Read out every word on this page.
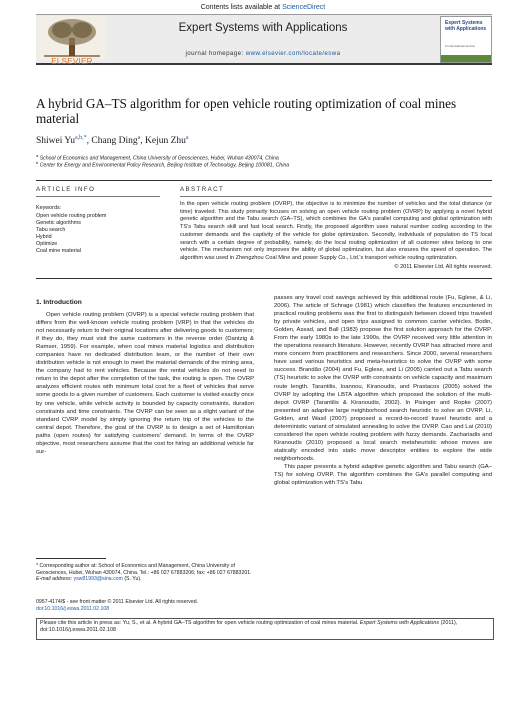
Contents lists available at ScienceDirect
ELSEVIER
Expert Systems with Applications
journal homepage: www.elsevier.com/locate/eswa
Expert Systems with Applications
An International Journal
A hybrid GA–TS algorithm for open vehicle routing optimization of coal mines material
Shiwei $Yu^{a,b,*}$, Chang Ding$^a$, Kejun Zhu$^a$
$^a$ School of Economics and Management, China University of Geosciences, Hubei, Wuhan 430074, China
$^b$ Center for Energy and Environmental Policy Research, Beijing Institute of Technology, Beijing 100081, China
ARTICLE INFO	ABSTRACT
Keywords:
Open vehicle routing problem
Genetic algorithms
Tabu search
Hybrid
Optimize
Coal mine material
In the open vehicle routing problem (OVRP), the objective is to minimize the number of vehicles and the total distance (or time) traveled. This study primarily focuses on solving an open vehicle routing problem (OVRP) by applying a novel hybrid genetic algorithm and the Tabu search (GA–TS), which combines the GA's parallel computing and global optimization with TS's Tabu search skill and fast local search. Firstly, the proposed algorithm uses natural number coding according to the customer demands and the captivity of the vehicle for globe optimization. Secondly, individuals of population do TS local search with a certain degree of probability, namely, do the local routing optimization of all customer sites belong to one vehicle. The mechanism not only improves the ability of global optimization, but also ensures the speed of operation. The algorithm was used in Zhengzhou Coal Mine and power Supply Co., Ltd.'s transport vehicle routing optimization.
© 2011 Elsevier Ltd. All rights reserved.
1. Introduction

Open vehicle routing problem (OVRP) is a special vehicle routing problem that differs from the well-known vehicle routing problem (VRP) in that the vehicles do not necessarily return to their original locations after delivering goods to customers; if they do, they must visit the same customers in the reverse order (Dantzig & Ramser, 1959). For example, when coal mines material logistics and distribution companies have no dedicated distribution team, or the number of their own distribution vehicle is not enough to meet the material demands of the mining area, the company had to rent vehicles. Because the rental vehicles do not need to return to the depot after the completion of the task, the routing is open. The OVRP analyzes efficient routes with minimum total cost for a fleet of vehicles that serve some goods to a given number of customers. Each customer is visited exactly once by one vehicle, while vehicle activity is bounded by capacity constraints, duration constraints and time constraints. The OVRP can be seen as a slight variant of the standard CVRP model by simply ignoring the return trip of the vehicles to the central depot. Therefore, the goal of the OVRP is to design a set of Hamiltonian paths (open routes) for satisfying customers' demand. In terms of the OVRP objective, most researchers assume that the cost for hiring an additional vehicle far sur-

passes any travel cost savings achieved by this additional route (Fu, Eglese, & Li, 2006). The article of Schrage (1981) which classifies the features encountered in practical routing problems was the first to distinguish between closed trips traveled by private vehicles, and open trips assigned to common carrier vehicles. Bodin, Golden, Assad, and Ball (1983) propose the first solution approach for the OVRP. From the early 1980s to the late 1990s, the OVRP received very little attention in the operations research literature. However, recently OVRP has attracted more and more concern from practitioners and researchers. Since 2000, several researchers have used various heuristics and meta-heuristics to solve the OVRP with some success. Brandão (2004) and Fu, Eglese, and Li (2005) carried out a Tabu search (TS) heuristic to solve the OVRP with constraints on vehicle capacity and maximum route length. Tarantilis, Ioannou, Kiranoudis, and Prastacos (2005) solved the OVRP by adopting the LBTA algorithm which proposed the solution of the multi-depot OVRP (Tarantilis & Kiranoudis, 2002). In Pisinger and Ropke (2007) presented an adaptive large neighborhood search heuristic to solve an OVRP. Li, Golden, and Wasil (2007) proposed a record-to-record travel heuristic and a deterministic variant of simulated annealing to solve the OVRP. Cao and Lai (2010) considered the open vehicle routing problem with fuzzy demands. Zachariadis and Kiranoudis (2010) proposed a local search metaheuristic whose moves are statically encoded into static move descriptor entities to explore the wide neighborhoods.

This paper presents a hybrid adaptive genetic algorithm and Tabu search (GA–TS) for solving OVRP. The algorithm combines the GA's parallel computing and global optimization with TS's Tabu

* Corresponding author at: School of Economics and Management, China University of Geosciences, Hubei, Wuhan 430074, China. Tel.: +86 027 67883206; fax: +86 027 67883201.
E-mail address: ysw81993@sina.com (S. Yu).
0957-4174/$ - see front matter © 2011 Elsevier Ltd. All rights reserved.
doi:10.1016/j.eswa.2011.02.108
Please cite this article in press as: Yu, S., et al. A hybrid GA–TS algorithm for open vehicle routing optimization of coal mines material. Expert Systems with Applications (2011), doi:10.1016/j.eswa.2011.02.108
